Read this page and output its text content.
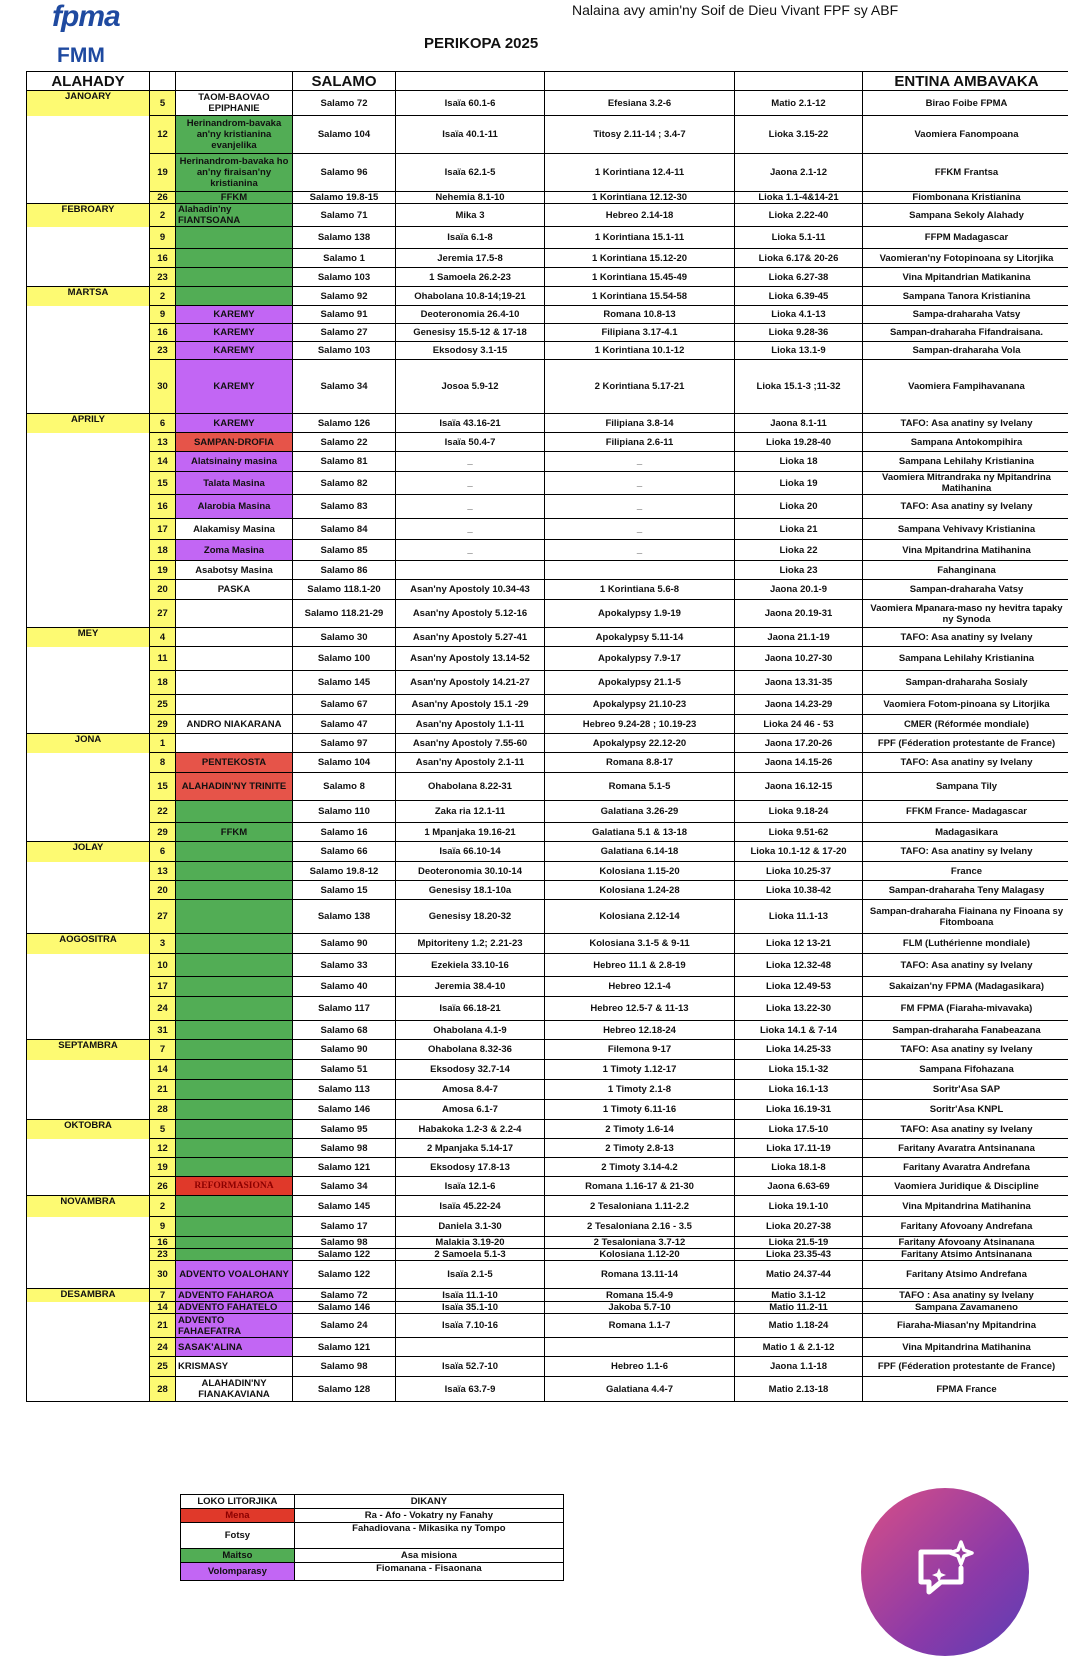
fpma
FMM
Nalaina avy amin'ny Soif de Dieu Vivant FPF sy ABF
PERIKOPA 2025
ALAHADY			SALAMO				ENTINA AMBAVAKA
JANOARY	5	TAOM-BAOVAO EPIPHANIE	Salamo 72	Isaïa 60.1-6	Efesiana 3.2-6	Matio 2.1-12	Birao Foibe FPMA
	12	Herinandrom-bavaka an'ny kristianina evanjelika	Salamo 104	Isaïa 40.1-11	Titosy 2.11-14 ; 3.4-7	Lioka 3.15-22	Vaomiera Fanompoana
	19	Herinandrom-bavaka ho an'ny firaisan'ny kristianina	Salamo 96	Isaïa 62.1-5	1 Korintiana 12.4-11	Jaona 2.1-12	FFKM Frantsa
	26	FFKM	Salamo 19.8-15	Nehemia 8.1-10	1 Korintiana 12.12-30	Lioka 1.1-4&14-21	Fiombonana Kristianina
FEBROARY	2	Alahadin'ny FIANTSOANA	Salamo 71	Mika 3	Hebreo 2.14-18	Lioka 2.22-40	Sampana Sekoly Alahady
	9		Salamo 138	Isaïa 6.1-8	1 Korintiana 15.1-11	Lioka 5.1-11	FFPM Madagascar
	16		Salamo 1	Jeremia 17.5-8	1 Korintiana 15.12-20	Lioka 6.17& 20-26	Vaomieran'ny Fotopinoana sy Litorjika
	23		Salamo 103	1 Samoela 26.2-23	1 Korintiana 15.45-49	Lioka 6.27-38	Vina Mpitandrian Matikanina
MARTSA	2		Salamo 92	Ohabolana 10.8-14;19-21	1 Korintiana 15.54-58	Lioka 6.39-45	Sampana Tanora Kristianina
	9	KAREMY	Salamo 91	Deoteronomia 26.4-10	Romana 10.8-13	Lioka 4.1-13	Sampa-draharaha Vatsy
	16	KAREMY	Salamo 27	Genesisy 15.5-12 & 17-18	Filipiana 3.17-4.1	Lioka 9.28-36	Sampan-draharaha Fifandraisana.
	23	KAREMY	Salamo 103	Eksodosy 3.1-15	1 Korintiana 10.1-12	Lioka 13.1-9	Sampan-draharaha Vola
	30	KAREMY	Salamo 34	Josoa 5.9-12	2 Korintiana 5.17-21	Lioka 15.1-3 ;11-32	Vaomiera Fampihavanana
APRILY	6	KAREMY	Salamo 126	Isaïa 43.16-21	Filipiana 3.8-14	Jaona 8.1-11	TAFO: Asa anatiny sy Ivelany
	13	SAMPAN-DROFIA	Salamo 22	Isaïa 50.4-7	Filipiana 2.6-11	Lioka 19.28-40	Sampana Antokompihira
	14	Alatsinainy masina	Salamo 81	_	_	Lioka 18	Sampana Lehilahy Kristianina
	15	Talata Masina	Salamo 82	_	_	Lioka 19	Vaomiera Mitrandraka ny Mpitandrina Matihanina
	16	Alarobia Masina	Salamo 83	_	_	Lioka 20	TAFO: Asa anatiny sy Ivelany
	17	Alakamisy Masina	Salamo 84	_	_	Lioka 21	Sampana Vehivavy Kristianina
	18	Zoma Masina	Salamo 85	_	_	Lioka 22	Vina Mpitandrina Matihanina
	19	Asabotsy Masina	Salamo 86			Lioka 23	Fahanginana
	20	PASKA	Salamo 118.1-20	Asan'ny Apostoly 10.34-43	1 Korintiana 5.6-8	Jaona 20.1-9	Sampan-draharaha Vatsy
	27		Salamo 118.21-29	Asan'ny Apostoly 5.12-16	Apokalypsy 1.9-19	Jaona 20.19-31	Vaomiera Mpanara-maso ny hevitra tapaky ny Synoda
MEY	4		Salamo 30	Asan'ny Apostoly 5.27-41	Apokalypsy 5.11-14	Jaona 21.1-19	TAFO: Asa anatiny sy Ivelany
	11		Salamo 100	Asan'ny Apostoly 13.14-52	Apokalypsy 7.9-17	Jaona 10.27-30	Sampana Lehilahy Kristianina
	18		Salamo 145	Asan'ny Apostoly 14.21-27	Apokalypsy 21.1-5	Jaona 13.31-35	Sampan-draharaha Sosialy
	25		Salamo 67	Asan'ny Apostoly 15.1 -29	Apokalypsy 21.10-23	Jaona 14.23-29	Vaomiera Fotom-pinoana sy Litorjika
	29	ANDRO NIAKARANA	Salamo 47	Asan'ny Apostoly 1.1-11	Hebreo 9.24-28 ; 10.19-23	Lioka 24 46 - 53	CMER (Réformée mondiale)
JONA	1		Salamo 97	Asan'ny Apostoly 7.55-60	Apokalypsy 22.12-20	Jaona 17.20-26	FPF (Féderation protestante de France)
	8	PENTEKOSTA	Salamo 104	Asan'ny Apostoly 2.1-11	Romana 8.8-17	Jaona 14.15-26	TAFO: Asa anatiny sy Ivelany
	15	ALAHADIN'NY TRINITE	Salamo 8	Ohabolana 8.22-31	Romana 5.1-5	Jaona 16.12-15	Sampana Tily
	22		Salamo 110	Zaka ria 12.1-11	Galatiana 3.26-29	Lioka 9.18-24	FFKM France- Madagascar
	29	FFKM	Salamo 16	1 Mpanjaka 19.16-21	Galatiana 5.1 & 13-18	Lioka 9.51-62	Madagasikara
JOLAY	6		Salamo 66	Isaïa 66.10-14	Galatiana 6.14-18	Lioka 10.1-12 & 17-20	TAFO: Asa anatiny sy Ivelany
	13		Salamo 19.8-12	Deoteronomia 30.10-14	Kolosiana 1.15-20	Lioka 10.25-37	France
	20		Salamo 15	Genesisy 18.1-10a	Kolosiana 1.24-28	Lioka 10.38-42	Sampan-draharaha Teny Malagasy
	27		Salamo 138	Genesisy 18.20-32	Kolosiana 2.12-14	Lioka 11.1-13	Sampan-draharaha Fiainana ny Finoana sy Fitomboana
AOGOSITRA	3		Salamo 90	Mpitoriteny 1.2; 2.21-23	Kolosiana 3.1-5 & 9-11	Lioka 12 13-21	FLM (Luthérienne mondiale)
	10		Salamo 33	Ezekiela 33.10-16	Hebreo 11.1 & 2.8-19	Lioka 12.32-48	TAFO: Asa anatiny sy Ivelany
	17		Salamo 40	Jeremia 38.4-10	Hebreo 12.1-4	Lioka 12.49-53	Sakaizan'ny FPMA (Madagasikara)
	24		Salamo 117	Isaïa 66.18-21	Hebreo 12.5-7 & 11-13	Lioka 13.22-30	FM FPMA (Fiaraha-mivavaka)
	31		Salamo 68	Ohabolana 4.1-9	Hebreo 12.18-24	Lioka 14.1 & 7-14	Sampan-draharaha Fanabeazana
SEPTAMBRA	7		Salamo 90	Ohabolana 8.32-36	Filemona 9-17	Lioka 14.25-33	TAFO: Asa anatiny sy Ivelany
	14		Salamo 51	Eksodosy 32.7-14	1 Timoty 1.12-17	Lioka 15.1-32	Sampana Fifohazana
	21		Salamo 113	Amosa 8.4-7	1 Timoty 2.1-8	Lioka 16.1-13	Soritr'Asa SAP
	28		Salamo 146	Amosa 6.1-7	1 Timoty 6.11-16	Lioka 16.19-31	Soritr'Asa KNPL
OKTOBRA	5		Salamo 95	Habakoka 1.2-3 & 2.2-4	2 Timoty 1.6-14	Lioka 17.5-10	TAFO: Asa anatiny sy Ivelany
	12		Salamo 98	2 Mpanjaka 5.14-17	2 Timoty 2.8-13	Lioka 17.11-19	Faritany Avaratra Antsinanana
	19		Salamo 121	Eksodosy 17.8-13	2 Timoty 3.14-4.2	Lioka 18.1-8	Faritany Avaratra Andrefana
	26	REFORMASIONA	Salamo 34	Isaïa 12.1-6	Romana 1.16-17 & 21-30	Jaona 6.63-69	Vaomiera Juridique & Discipline
NOVAMBRA	2		Salamo 145	Isaïa 45.22-24	2 Tesaloniana 1.11-2.2	Lioka 19.1-10	Vina Mpitandrina Matihanina
	9		Salamo 17	Daniela 3.1-30	2 Tesaloniana 2.16 - 3.5	Lioka 20.27-38	Faritany Afovoany Andrefana
	16		Salamo 98	Malakia 3.19-20	2 Tesaloniana 3.7-12	Lioka 21.5-19	Faritany Afovoany Atsinanana
	23		Salamo 122	2 Samoela 5.1-3	Kolosiana 1.12-20	Lioka 23.35-43	Faritany Atsimo Antsinanana
	30	ADVENTO VOALOHANY	Salamo 122	Isaïa 2.1-5	Romana 13.11-14	Matio 24.37-44	Faritany Atsimo Andrefana
DESAMBRA	7	ADVENTO FAHAROA	Salamo 72	Isaïa 11.1-10	Romana 15.4-9	Matio 3.1-12	TAFO : Asa anatiny sy Ivelany
	14	ADVENTO FAHATELO	Salamo 146	Isaïa 35.1-10	Jakoba 5.7-10	Matio 11.2-11	Sampana Zavamaneno
	21	ADVENTO FAHAEFATRA	Salamo 24	Isaïa 7.10-16	Romana 1.1-7	Matio 1.18-24	Fiaraha-Miasan'ny Mpitandrina
	24	SASAK'ALINA	Salamo 121			Matio 1 & 2.1-12	Vina Mpitandrina Matihanina
	25	KRISMASY	Salamo 98	Isaïa 52.7-10	Hebreo 1.1-6	Jaona 1.1-18	FPF (Féderation protestante de France)
	28	ALAHADIN'NY FIANAKAVIANA	Salamo 128	Isaïa 63.7-9	Galatiana 4.4-7	Matio 2.13-18	FPMA France
LOKO LITORJIKA	DIKANY
Mena	Ra - Afo - Vokatry ny Fanahy
Fotsy	Fahadiovana - Mikasika ny Tompo
Maitso	Asa misiona
Volomparasy	Fiomanana - Fisaonana
